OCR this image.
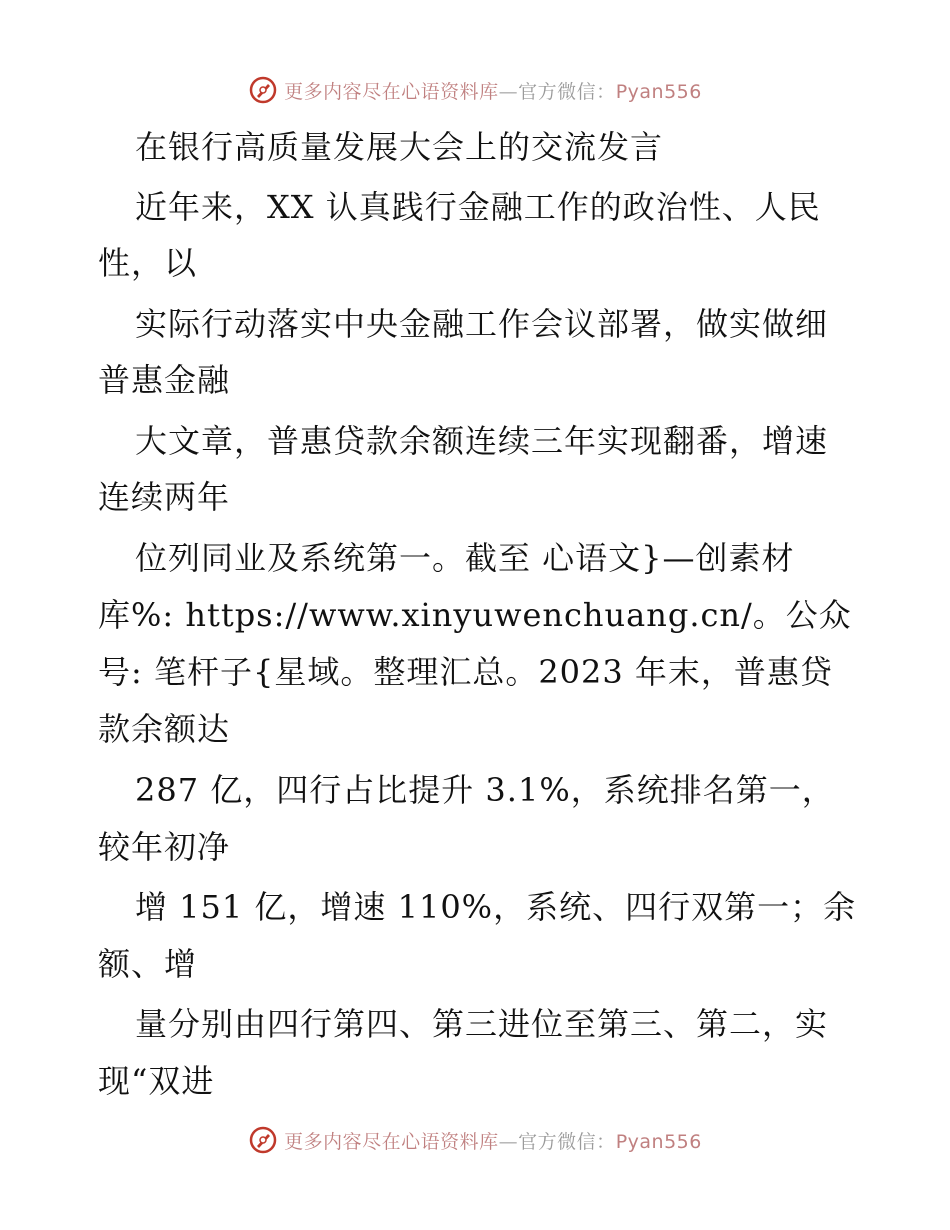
更多内容尽在心语资料库—官方微信：Pyan556
在银行高质量发展大会上的交流发言
近年来，XX 认真践行金融工作的政治性、人民
性，以
实际行动落实中央金融工作会议部署，做实做细
普惠金融
大文章，普惠贷款余额连续三年实现翻番，增速
连续两年
位列同业及系统第一。截至 心语文}—创素材
库%: https://www.xinyuwenchuang.cn/。公众
号: 笔杆子{星域。整理汇总。2023 年末，普惠贷
款余额达
287 亿，四行占比提升 3.1%，系统排名第一，
较年初净
增 151 亿，增速 110%，系统、四行双第一；余
额、增
量分别由四行第四、第三进位至第三、第二，实
现“双进
更多内容尽在心语资料库—官方微信：Pyan556
